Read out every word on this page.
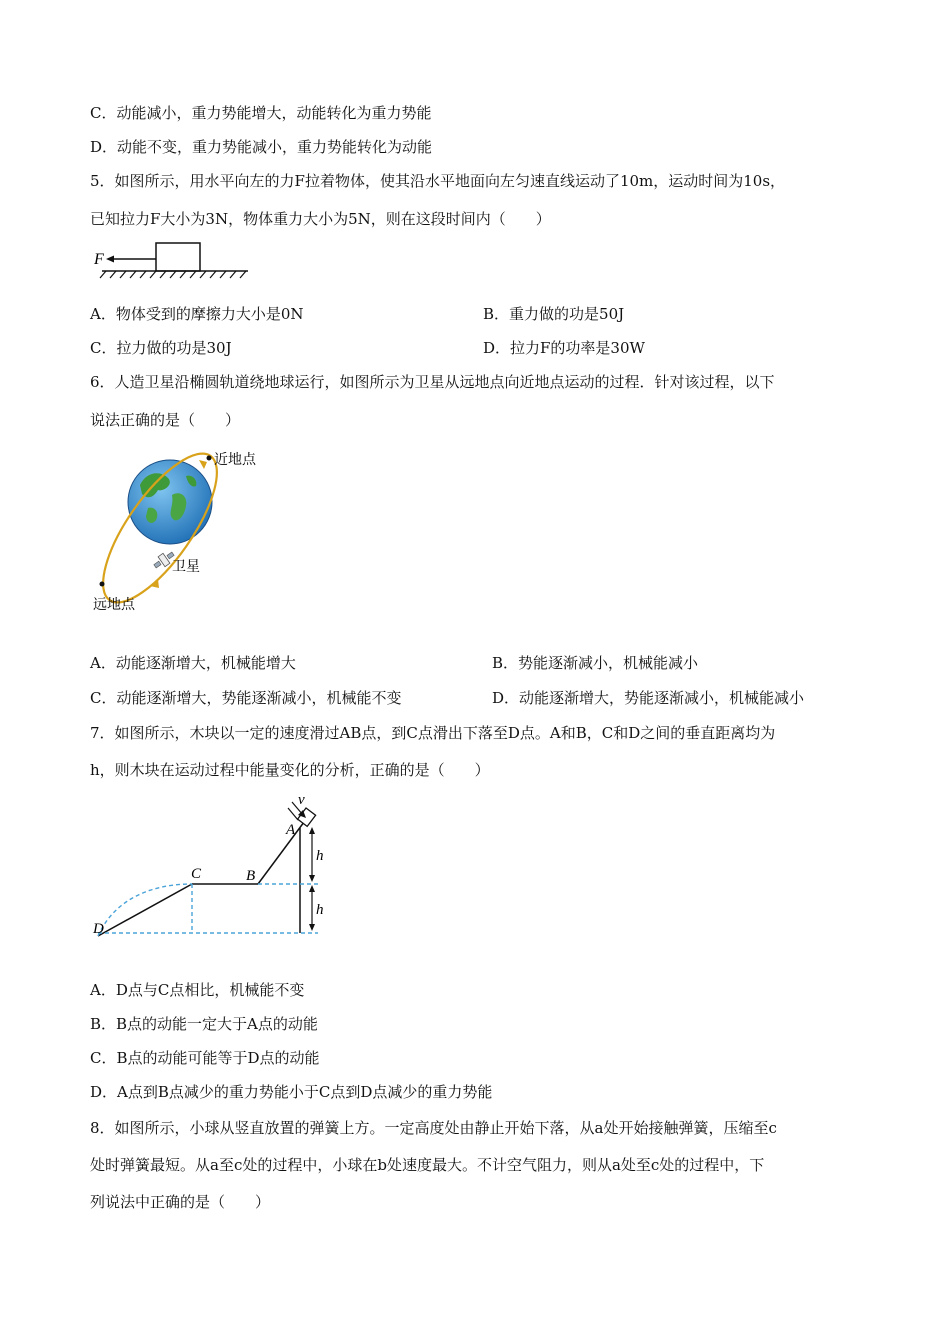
C．动能减小，重力势能增大，动能转化为重力势能
D．动能不变，重力势能减小，重力势能转化为动能
5．如图所示，用水平向左的力F拉着物体，使其沿水平地面向左匀速直线运动了10m，运动时间为10s，
已知拉力F大小为3N，物体重力大小为5N，则在这段时间内（　　）
F
A．物体受到的摩擦力大小是0N	B．重力做的功是50J
C．拉力做的功是30J	D．拉力F的功率是30W
6．人造卫星沿椭圆轨道绕地球运行，如图所示为卫星从远地点向近地点运动的过程．针对该过程，以下
说法正确的是（　　）
近地点
卫星
远地点
A．动能逐渐增大，机械能增大	B．势能逐渐减小，机械能减小
C．动能逐渐增大，势能逐渐减小，机械能不变	D．动能逐渐增大，势能逐渐减小，机械能减小
7．如图所示，木块以一定的速度滑过AB点，到C点滑出下落至D点。A和B，C和D之间的垂直距离均为
h，则木块在运动过程中能量变化的分析，正确的是（　　）
v
A
B
C
D
h
h
A．D点与C点相比，机械能不变
B．B点的动能一定大于A点的动能
C．B点的动能可能等于D点的动能
D．A点到B点减少的重力势能小于C点到D点减少的重力势能
8．如图所示，小球从竖直放置的弹簧上方。一定高度处由静止开始下落，从a处开始接触弹簧，压缩至c
处时弹簧最短。从a至c处的过程中，小球在b处速度最大。不计空气阻力，则从a处至c处的过程中，下
列说法中正确的是（　　）
